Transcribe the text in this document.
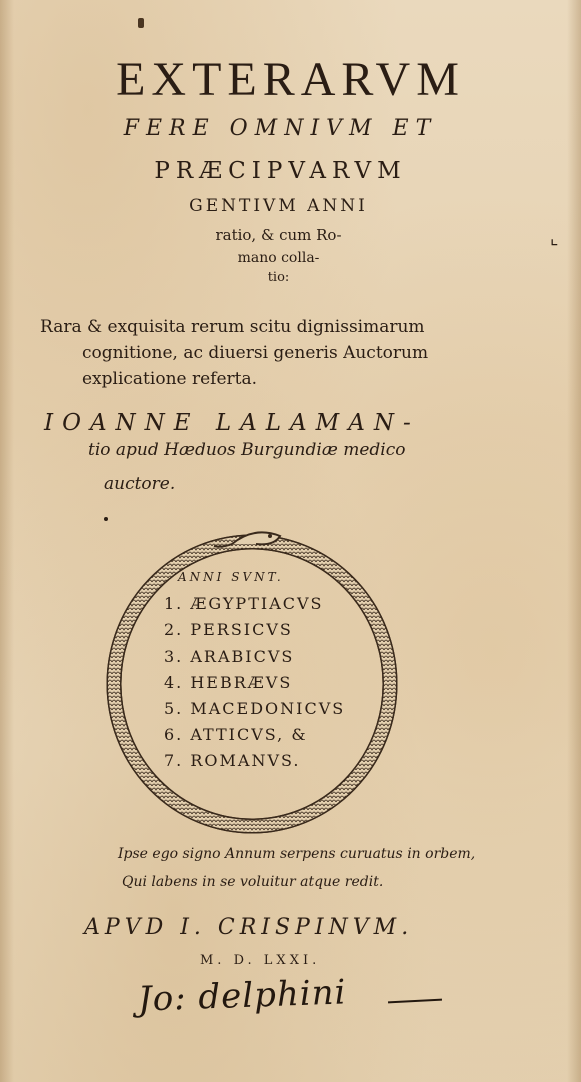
EXTERARVM
FERE OMNIVM ET
PRÆCIPVARVM
GENTIVM ANNI
ratio, & cum Ro-
mano colla-
tio:
⌞
Rara & exquisita rerum scitu dignissimarum
cognitione, ac diuersi generis Auctorum
explicatione referta.
IOANNE LALAMAN-
tio apud Hæduos Burgundiæ medico
auctore.
ANNI SVNT.
1. ÆGYPTIACVS
2. PERSICVS
3. ARABICVS
4. HEBRÆVS
5. MACEDONICVS
6. ATTICVS, &
7. ROMANVS.
Ipse ego signo Annum serpens curuatus in orbem,
Qui labens in se voluitur atque redit.
APVD I. CRISPINVM.
M. D. LXXI.
Jo: delphini
